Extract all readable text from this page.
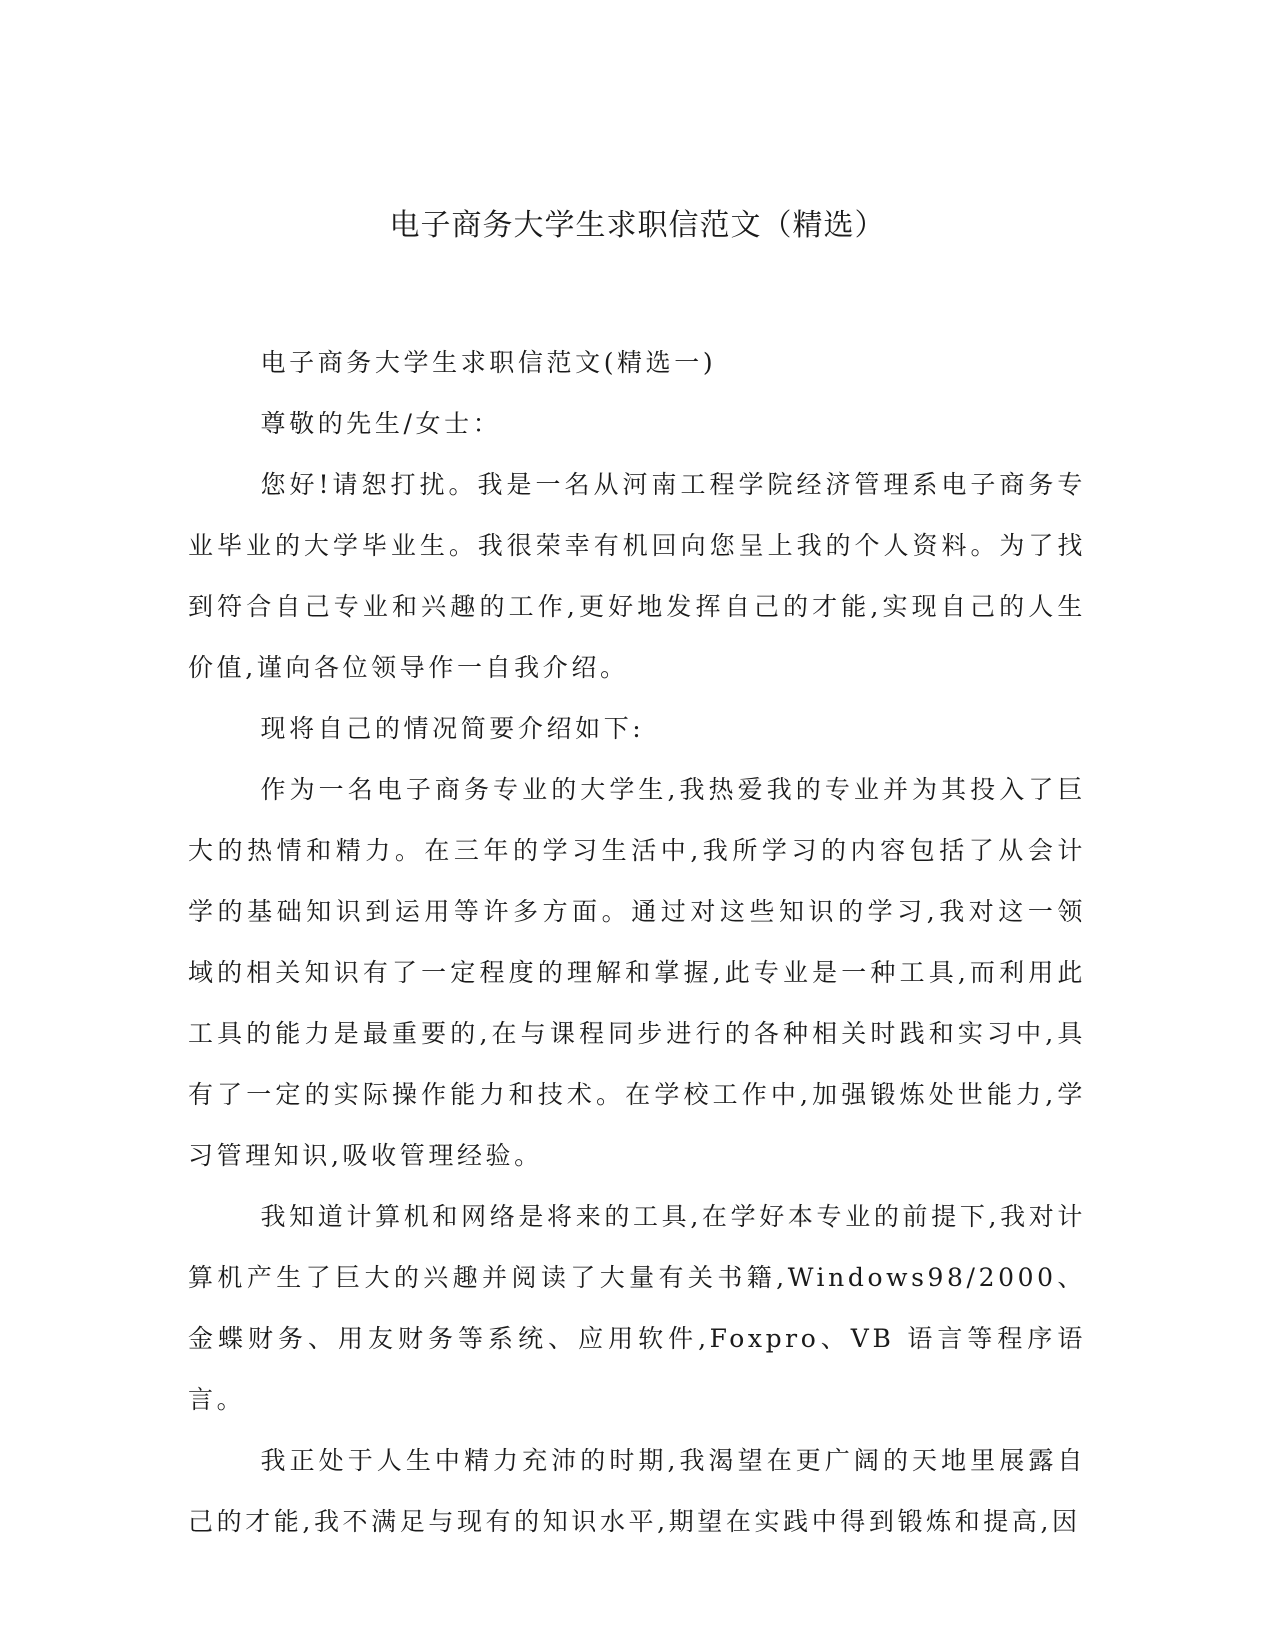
电子商务大学生求职信范文（精选）

电子商务大学生求职信范文(精选一)

尊敬的先生/女士：

您好!请恕打扰。我是一名从河南工程学院经济管理系电子商务专业毕业的大学毕业生。我很荣幸有机回向您呈上我的个人资料。为了找到符合自己专业和兴趣的工作,更好地发挥自己的才能,实现自己的人生价值,谨向各位领导作一自我介绍。

现将自己的情况简要介绍如下:

作为一名电子商务专业的大学生,我热爱我的专业并为其投入了巨大的热情和精力。在三年的学习生活中,我所学习的内容包括了从会计学的基础知识到运用等许多方面。通过对这些知识的学习,我对这一领域的相关知识有了一定程度的理解和掌握,此专业是一种工具,而利用此工具的能力是最重要的,在与课程同步进行的各种相关时践和实习中,具有了一定的实际操作能力和技术。在学校工作中,加强锻炼处世能力,学习管理知识,吸收管理经验。

我知道计算机和网络是将来的工具,在学好本专业的前提下,我对计算机产生了巨大的兴趣并阅读了大量有关书籍,Windows98/2000、金蝶财务、用友财务等系统、应用软件,Foxpro、VB 语言等程序语言。

我正处于人生中精力充沛的时期,我渴望在更广阔的天地里展露自己的才能,我不满足与现有的知识水平,期望在实践中得到锻炼和提高,因
